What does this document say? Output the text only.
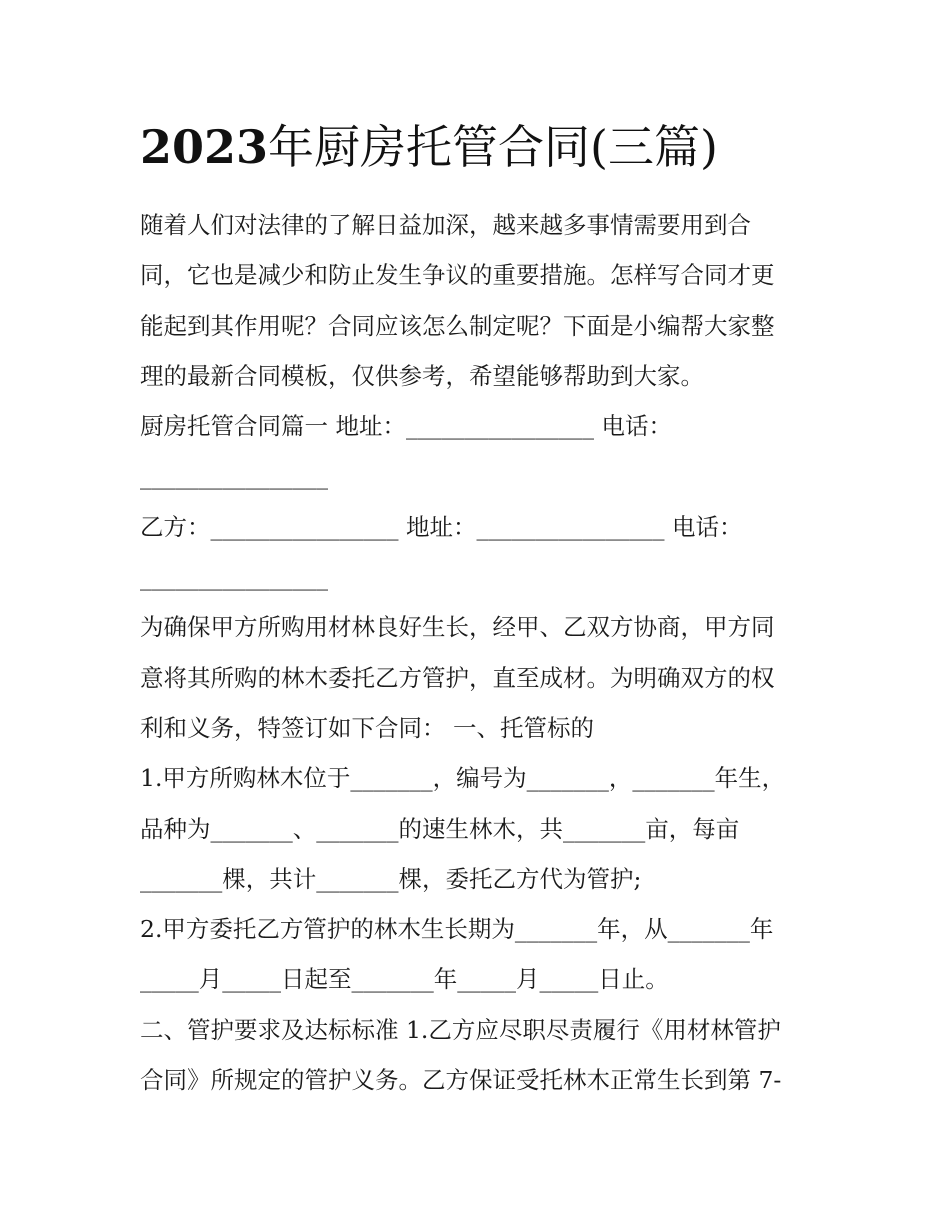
2023年厨房托管合同(三篇)
随着人们对法律的了解日益加深，越来越多事情需要用到合
同，它也是减少和防止发生争议的重要措施。怎样写合同才更
能起到其作用呢？合同应该怎么制定呢？下面是小编帮大家整
理的最新合同模板，仅供参考，希望能够帮助到大家。
厨房托管合同篇一 地址：________________ 电话：
________________
乙方：________________ 地址：________________ 电话：
________________
为确保甲方所购用材林良好生长，经甲、乙双方协商，甲方同
意将其所购的林木委托乙方管护，直至成材。为明确双方的权
利和义务，特签订如下合同： 一、托管标的
1.甲方所购林木位于_______，编号为_______，_______年生，
品种为_______、_______的速生林木，共_______亩，每亩
_______棵，共计_______棵，委托乙方代为管护;
2.甲方委托乙方管护的林木生长期为_______年，从_______年
_____月_____日起至_______年_____月_____日止。
二、管护要求及达标标准 1.乙方应尽职尽责履行《用材林管护
合同》所规定的管护义务。乙方保证受托林木正常生长到第 7-
